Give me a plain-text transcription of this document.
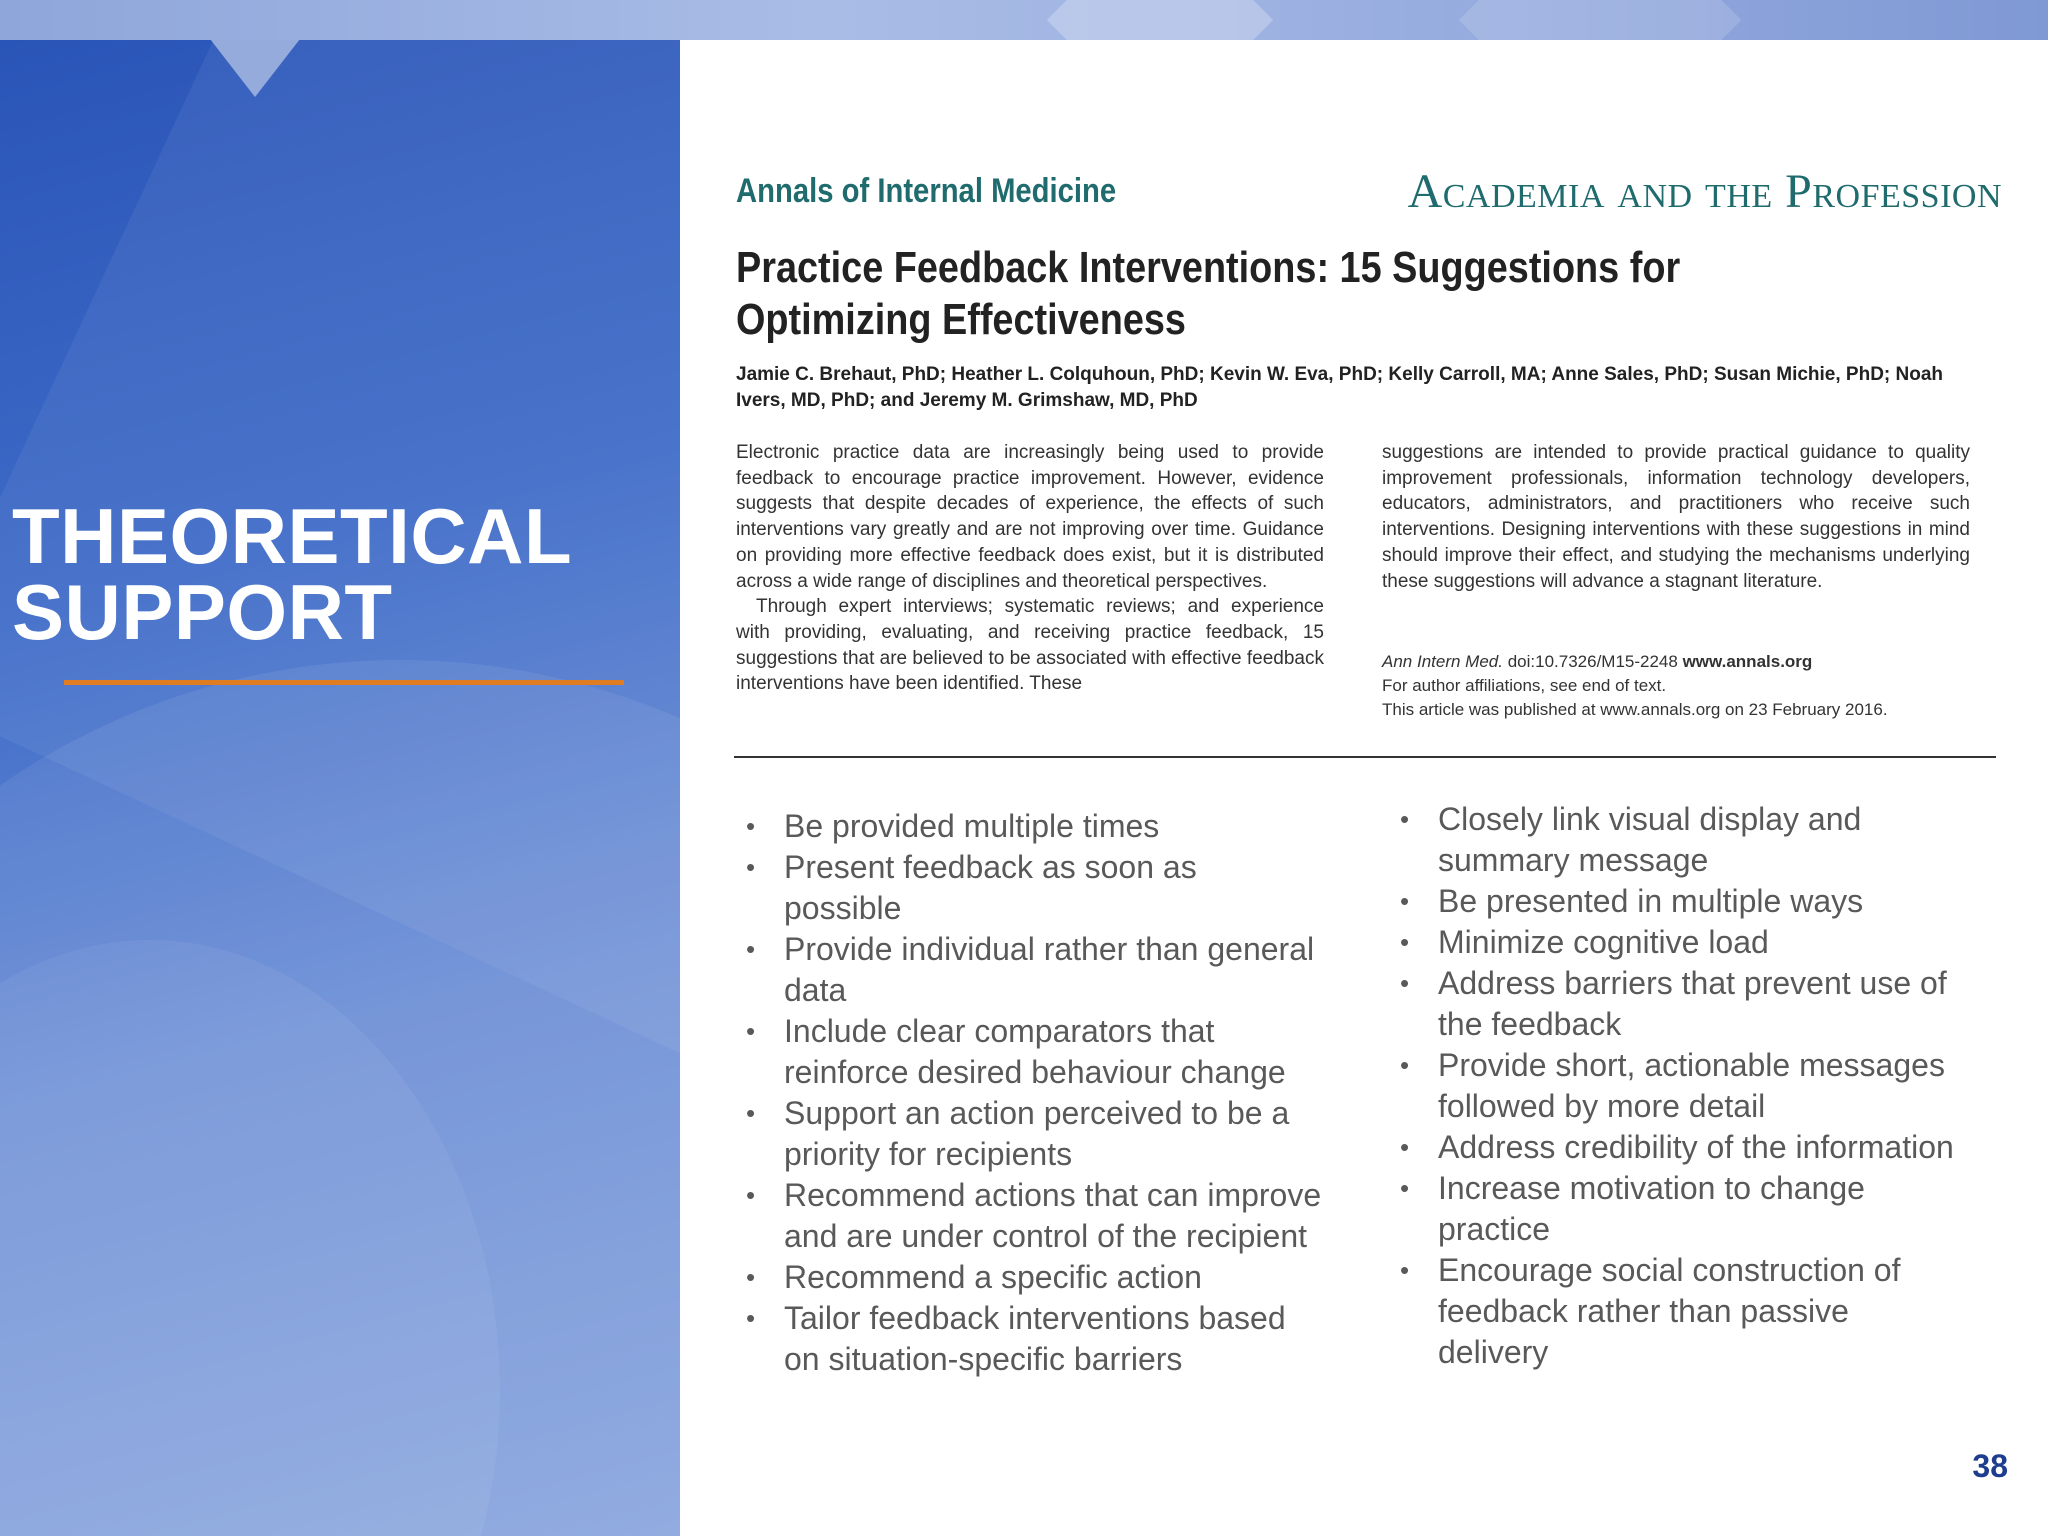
THEORETICAL
SUPPORT

Annals of Internal Medicine	Academia and the Profession

Practice Feedback Interventions: 15 Suggestions for Optimizing Effectiveness

Jamie C. Brehaut, PhD; Heather L. Colquhoun, PhD; Kevin W. Eva, PhD; Kelly Carroll, MA; Anne Sales, PhD; Susan Michie, PhD; Noah Ivers, MD, PhD; and Jeremy M. Grimshaw, MD, PhD

Electronic practice data are increasingly being used to provide feedback to encourage practice improvement. However, evidence suggests that despite decades of experience, the effects of such interventions vary greatly and are not improving over time. Guidance on providing more effective feedback does exist, but it is distributed across a wide range of disciplines and theoretical perspectives.

Through expert interviews; systematic reviews; and experience with providing, evaluating, and receiving practice feedback, 15 suggestions that are believed to be associated with effective feedback interventions have been identified. These

suggestions are intended to provide practical guidance to quality improvement professionals, information technology developers, educators, administrators, and practitioners who receive such interventions. Designing interventions with these suggestions in mind should improve their effect, and studying the mechanisms underlying these suggestions will advance a stagnant literature.

Ann Intern Med. doi:10.7326/M15-2248 www.annals.org
For author affiliations, see end of text.
This article was published at www.annals.org on 23 February 2016.
• Be provided multiple times
• Present feedback as soon as possible
• Provide individual rather than general data
• Include clear comparators that reinforce desired behaviour change
• Support an action perceived to be a priority for recipients
• Recommend actions that can improve and are under control of the recipient
• Recommend a specific action
• Tailor feedback interventions based on situation-specific barriers
• Closely link visual display and summary message
• Be presented in multiple ways
• Minimize cognitive load
• Address barriers that prevent use of the feedback
• Provide short, actionable messages followed by more detail
• Address credibility of the information
• Increase motivation to change practice
• Encourage social construction of feedback rather than passive delivery

38
